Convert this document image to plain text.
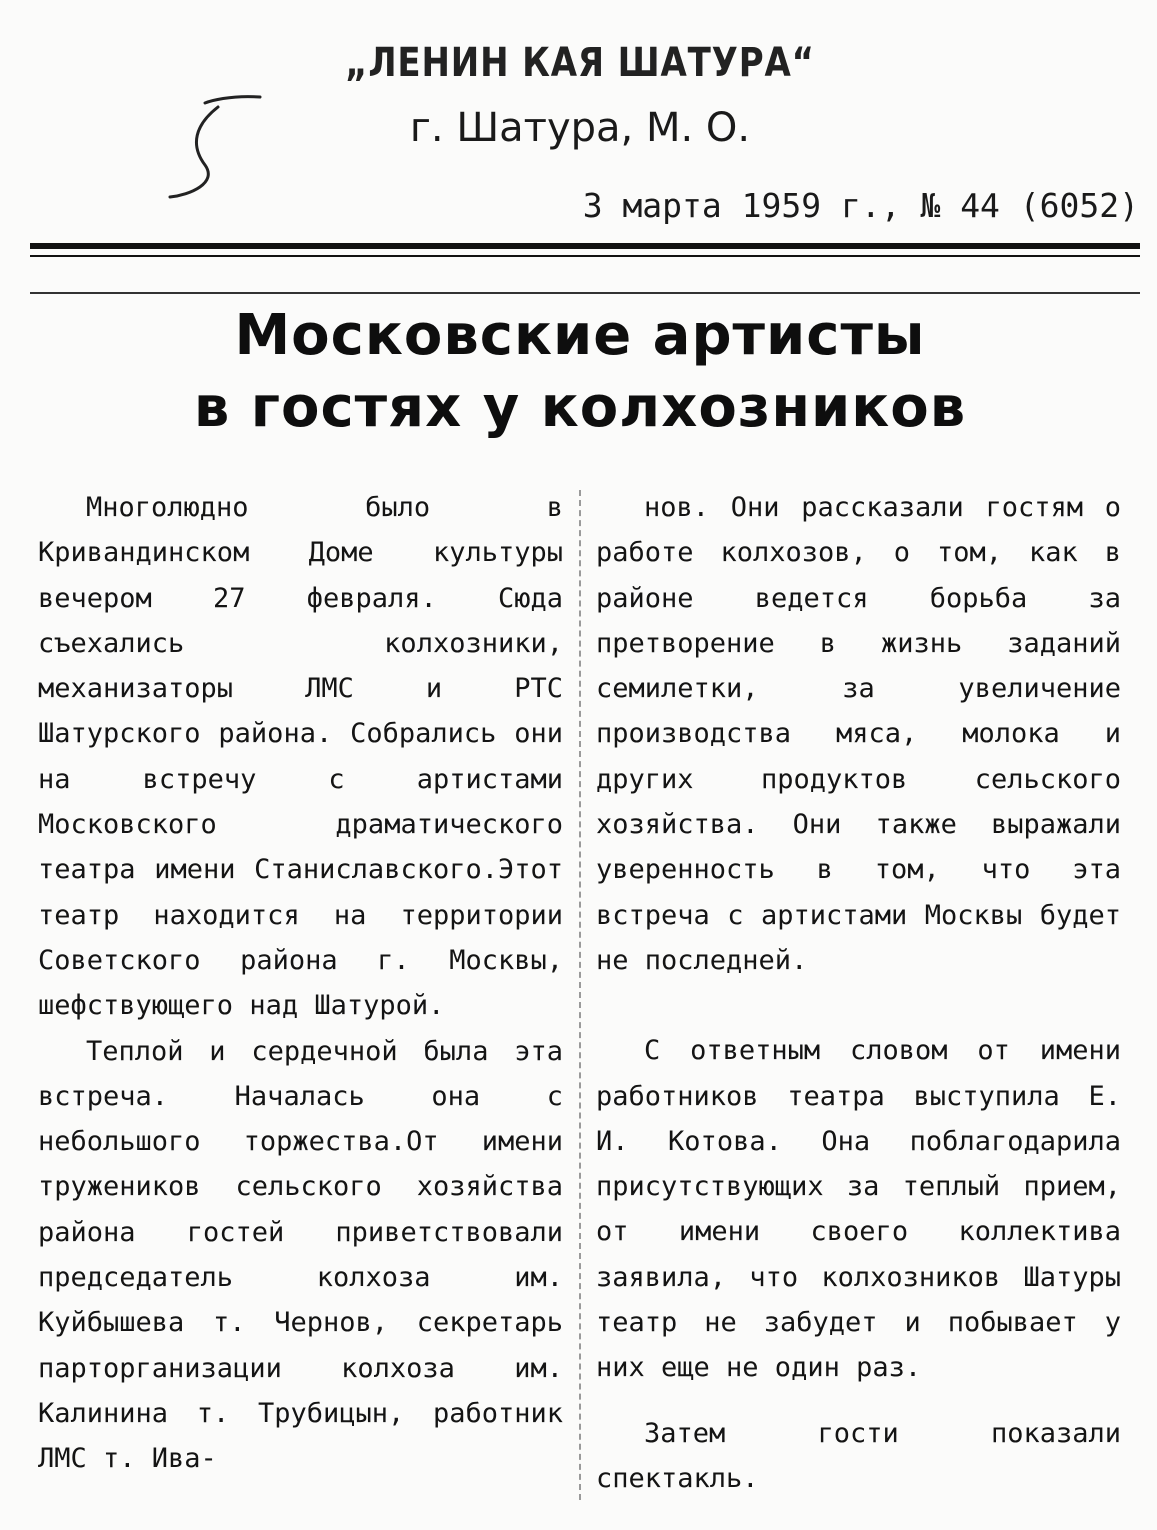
„ЛЕНИН КАЯ ШАТУРА“
г. Шатура, М. О.
3 марта 1959 г., № 44 (6052)
Московские артисты
в гостях у колхозников

Многолюдно было в Кривандинском Доме культуры вечером 27 февраля. Сюда съехались колхозники, механизаторы ЛМС и РТС Шатурского района. Собрались они на встречу с артистами Московского драматического театра имени Станиславского.Этот театр находится на территории Советского района г. Москвы, шефствующего над Шатурой.

Теплой и сердечной была эта встреча. Началась она с небольшого торжества.От имени тружеников сельского хозяйства района гостей приветствовали председатель колхоза им. Куйбышева т. Чернов, секретарь парторганизации колхоза им. Калинина т. Трубицын, работник ЛМС т. Ива-

нов. Они рассказали гостям о работе колхозов, о том, как в районе ведется борьба за претворение в жизнь заданий семилетки, за увеличение производства мяса, молока и других продуктов сельского хозяйства. Они также выражали уверенность в том, что эта встреча с артистами Москвы будет не последней.

С ответным словом от имени работников театра выступила Е. И. Котова. Она поблагодарила присутствующих за теплый прием, от имени своего коллектива заявила, что колхозников Шатуры театр не забудет и побывает у них еще не один раз.

Затем гости показали спектакль.
